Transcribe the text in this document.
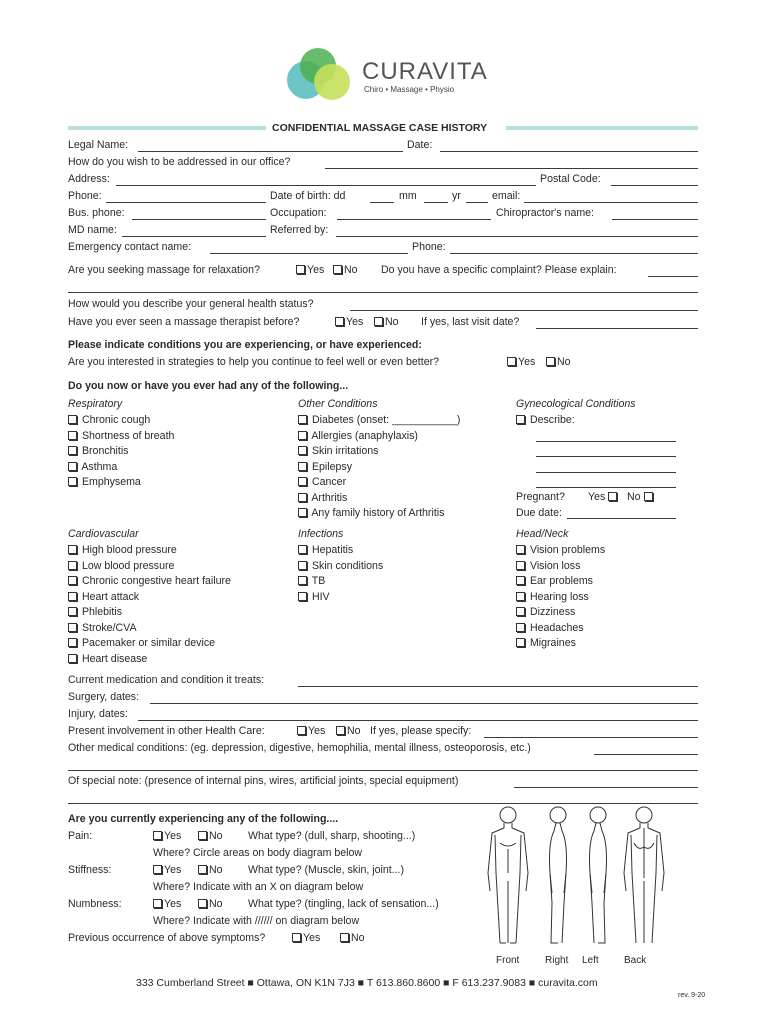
CURAVITA
Chiro • Massage • Physio
CONFIDENTIAL MASSAGE CASE HISTORY
Legal Name:	Date:
How do you wish to be addressed in our office?
Address:	Postal Code:
Phone:	Date of birth: dd	mm	yr	email:
Bus. phone:	Occupation:	Chiropractor's name:
MD name:	Referred by:
Emergency contact name:	Phone:
Are you seeking massage for relaxation?	Yes	No Do you have a specific complaint? Please explain:
How would you describe your general health status?
Have you ever seen a massage therapist before?	Yes	No If yes, last visit date?
Please indicate conditions you are experiencing, or have experienced:
Are you interested in strategies to help you continue to feel well or even better?	Yes	No
Do you now or have you ever had any of the following...
Respiratory
Chronic cough
Shortness of breath
Bronchitis
Asthma
Emphysema
Other Conditions
Diabetes (onset: ___________)
Allergies (anaphylaxis)
Skin irritations
Epilepsy
Cancer
Arthritis
Any family history of Arthritis
Gynecological Conditions
Describe:
Pregnant? Yes	No
Due date:
Cardiovascular
High blood pressure
Low blood pressure
Chronic congestive heart failure
Heart attack
Phlebitis
Stroke/CVA
Pacemaker or similar device
Heart disease
Infections
Hepatitis
Skin conditions
TB
HIV
Head/Neck
Vision problems
Vision loss
Ear problems
Hearing loss
Dizziness
Headaches
Migraines
Current medication and condition it treats:
Surgery, dates:
Injury, dates:
Present involvement in other Health Care:	Yes	No If yes, please specify:
Other medical conditions: (eg. depression, digestive, hemophilia, mental illness, osteoporosis, etc.)
Of special note: (presence of internal pins, wires, artificial joints, special equipment)
Are you currently experiencing any of the following....
Pain:	Yes	No What type? (dull, sharp, shooting...)
Where? Circle areas on body diagram below
Stiffness:	Yes	No What type? (Muscle, skin, joint...)
Where? Indicate with an X on diagram below
Numbness:	Yes	No What type? (tingling, lack of sensation...)
Where? Indicate with ////// on diagram below
Previous occurrence of above symptoms?	Yes	No
Front	Right Left	Back
333 Cumberland Street ■ Ottawa, ON K1N 7J3 ■ T 613.860.8600 ■ F 613.237.9083 ■ curavita.com
rev. 9-20
